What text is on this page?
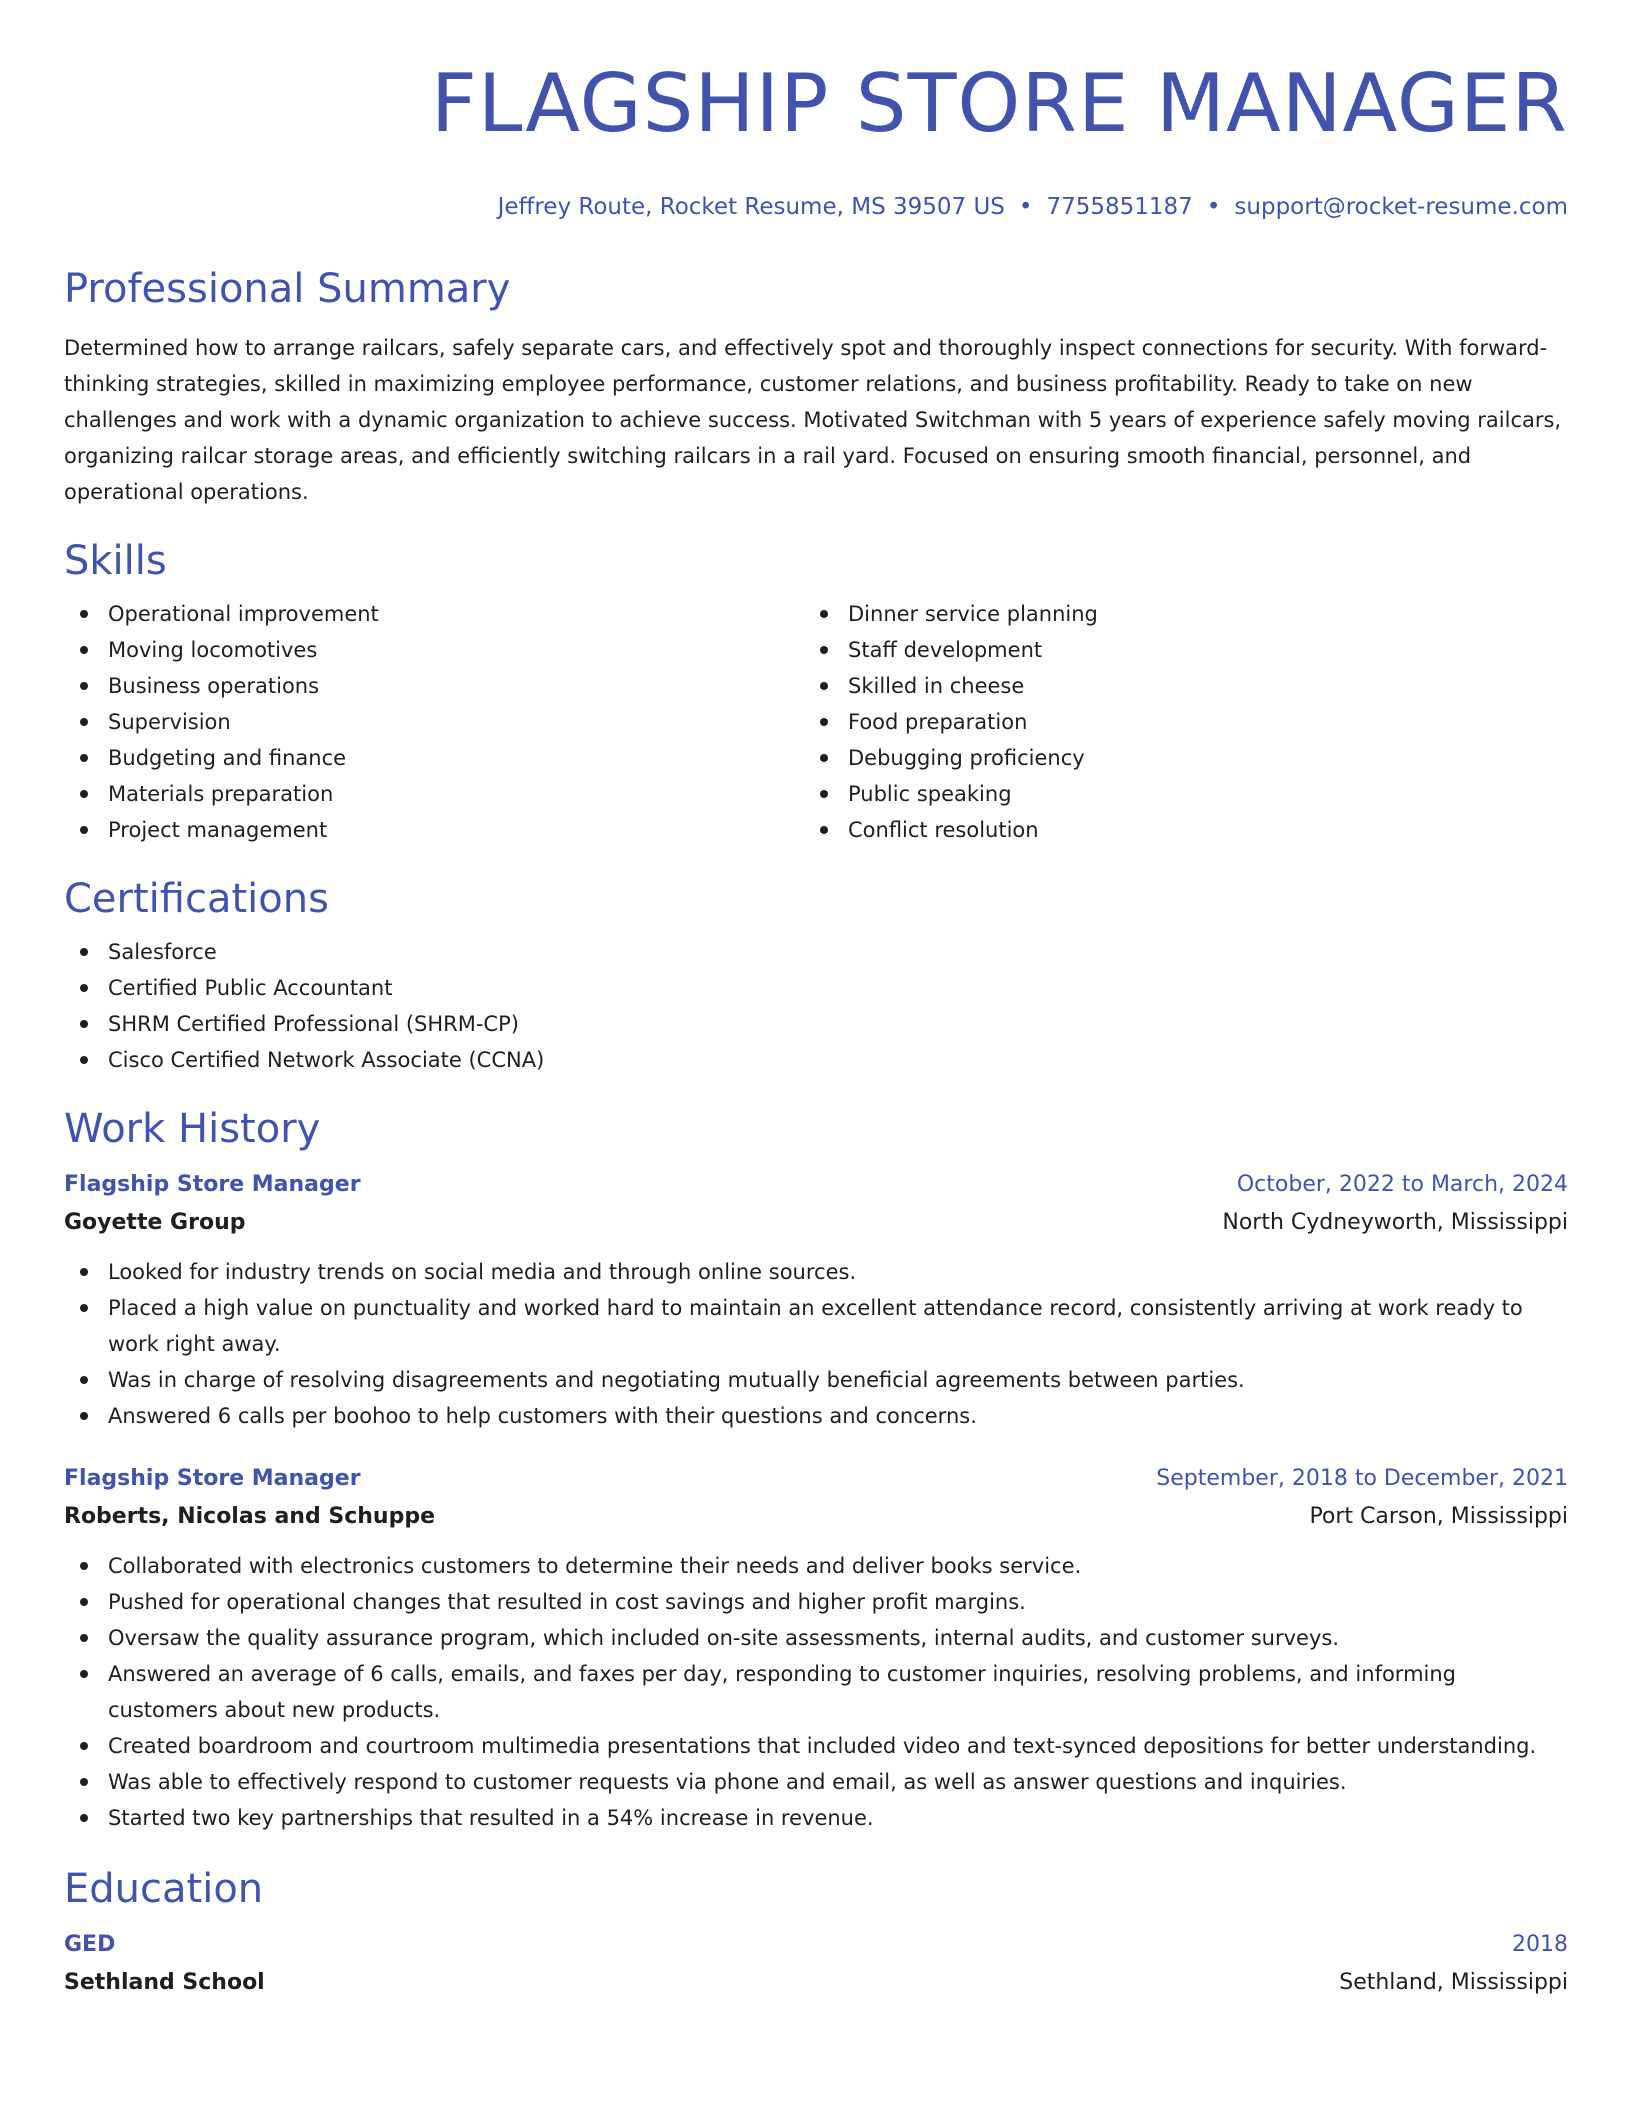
FLAGSHIP STORE MANAGER
Jeffrey Route, Rocket Resume, MS 39507 US • 7755851187 • support@rocket-resume.com
Professional Summary

Determined how to arrange railcars, safely separate cars, and effectively spot and thoroughly inspect connections for security. With forward-thinking strategies, skilled in maximizing employee performance, customer relations, and business profitability. Ready to take on new challenges and work with a dynamic organization to achieve success. Motivated Switchman with 5 years of experience safely moving railcars, organizing railcar storage areas, and efficiently switching railcars in a rail yard. Focused on ensuring smooth financial, personnel, and operational operations.

Skills
Operational improvement
Moving locomotives
Business operations
Supervision
Budgeting and finance
Materials preparation
Project management
Dinner service planning
Staff development
Skilled in cheese
Food preparation
Debugging proficiency
Public speaking
Conflict resolution
Certifications
Salesforce
Certified Public Accountant
SHRM Certified Professional (SHRM-CP)
Cisco Certified Network Associate (CCNA)
Work History
Flagship Store Manager	October, 2022 to March, 2024
Goyette Group	North Cydneyworth, Mississippi
Looked for industry trends on social media and through online sources.
Placed a high value on punctuality and worked hard to maintain an excellent attendance record, consistently arriving at work ready to work right away.
Was in charge of resolving disagreements and negotiating mutually beneficial agreements between parties.
Answered 6 calls per boohoo to help customers with their questions and concerns.
Flagship Store Manager	September, 2018 to December, 2021
Roberts, Nicolas and Schuppe	Port Carson, Mississippi
Collaborated with electronics customers to determine their needs and deliver books service.
Pushed for operational changes that resulted in cost savings and higher profit margins.
Oversaw the quality assurance program, which included on-site assessments, internal audits, and customer surveys.
Answered an average of 6 calls, emails, and faxes per day, responding to customer inquiries, resolving problems, and informing customers about new products.
Created boardroom and courtroom multimedia presentations that included video and text-synced depositions for better understanding.
Was able to effectively respond to customer requests via phone and email, as well as answer questions and inquiries.
Started two key partnerships that resulted in a 54% increase in revenue.
Education
GED	2018
Sethland School	Sethland, Mississippi
